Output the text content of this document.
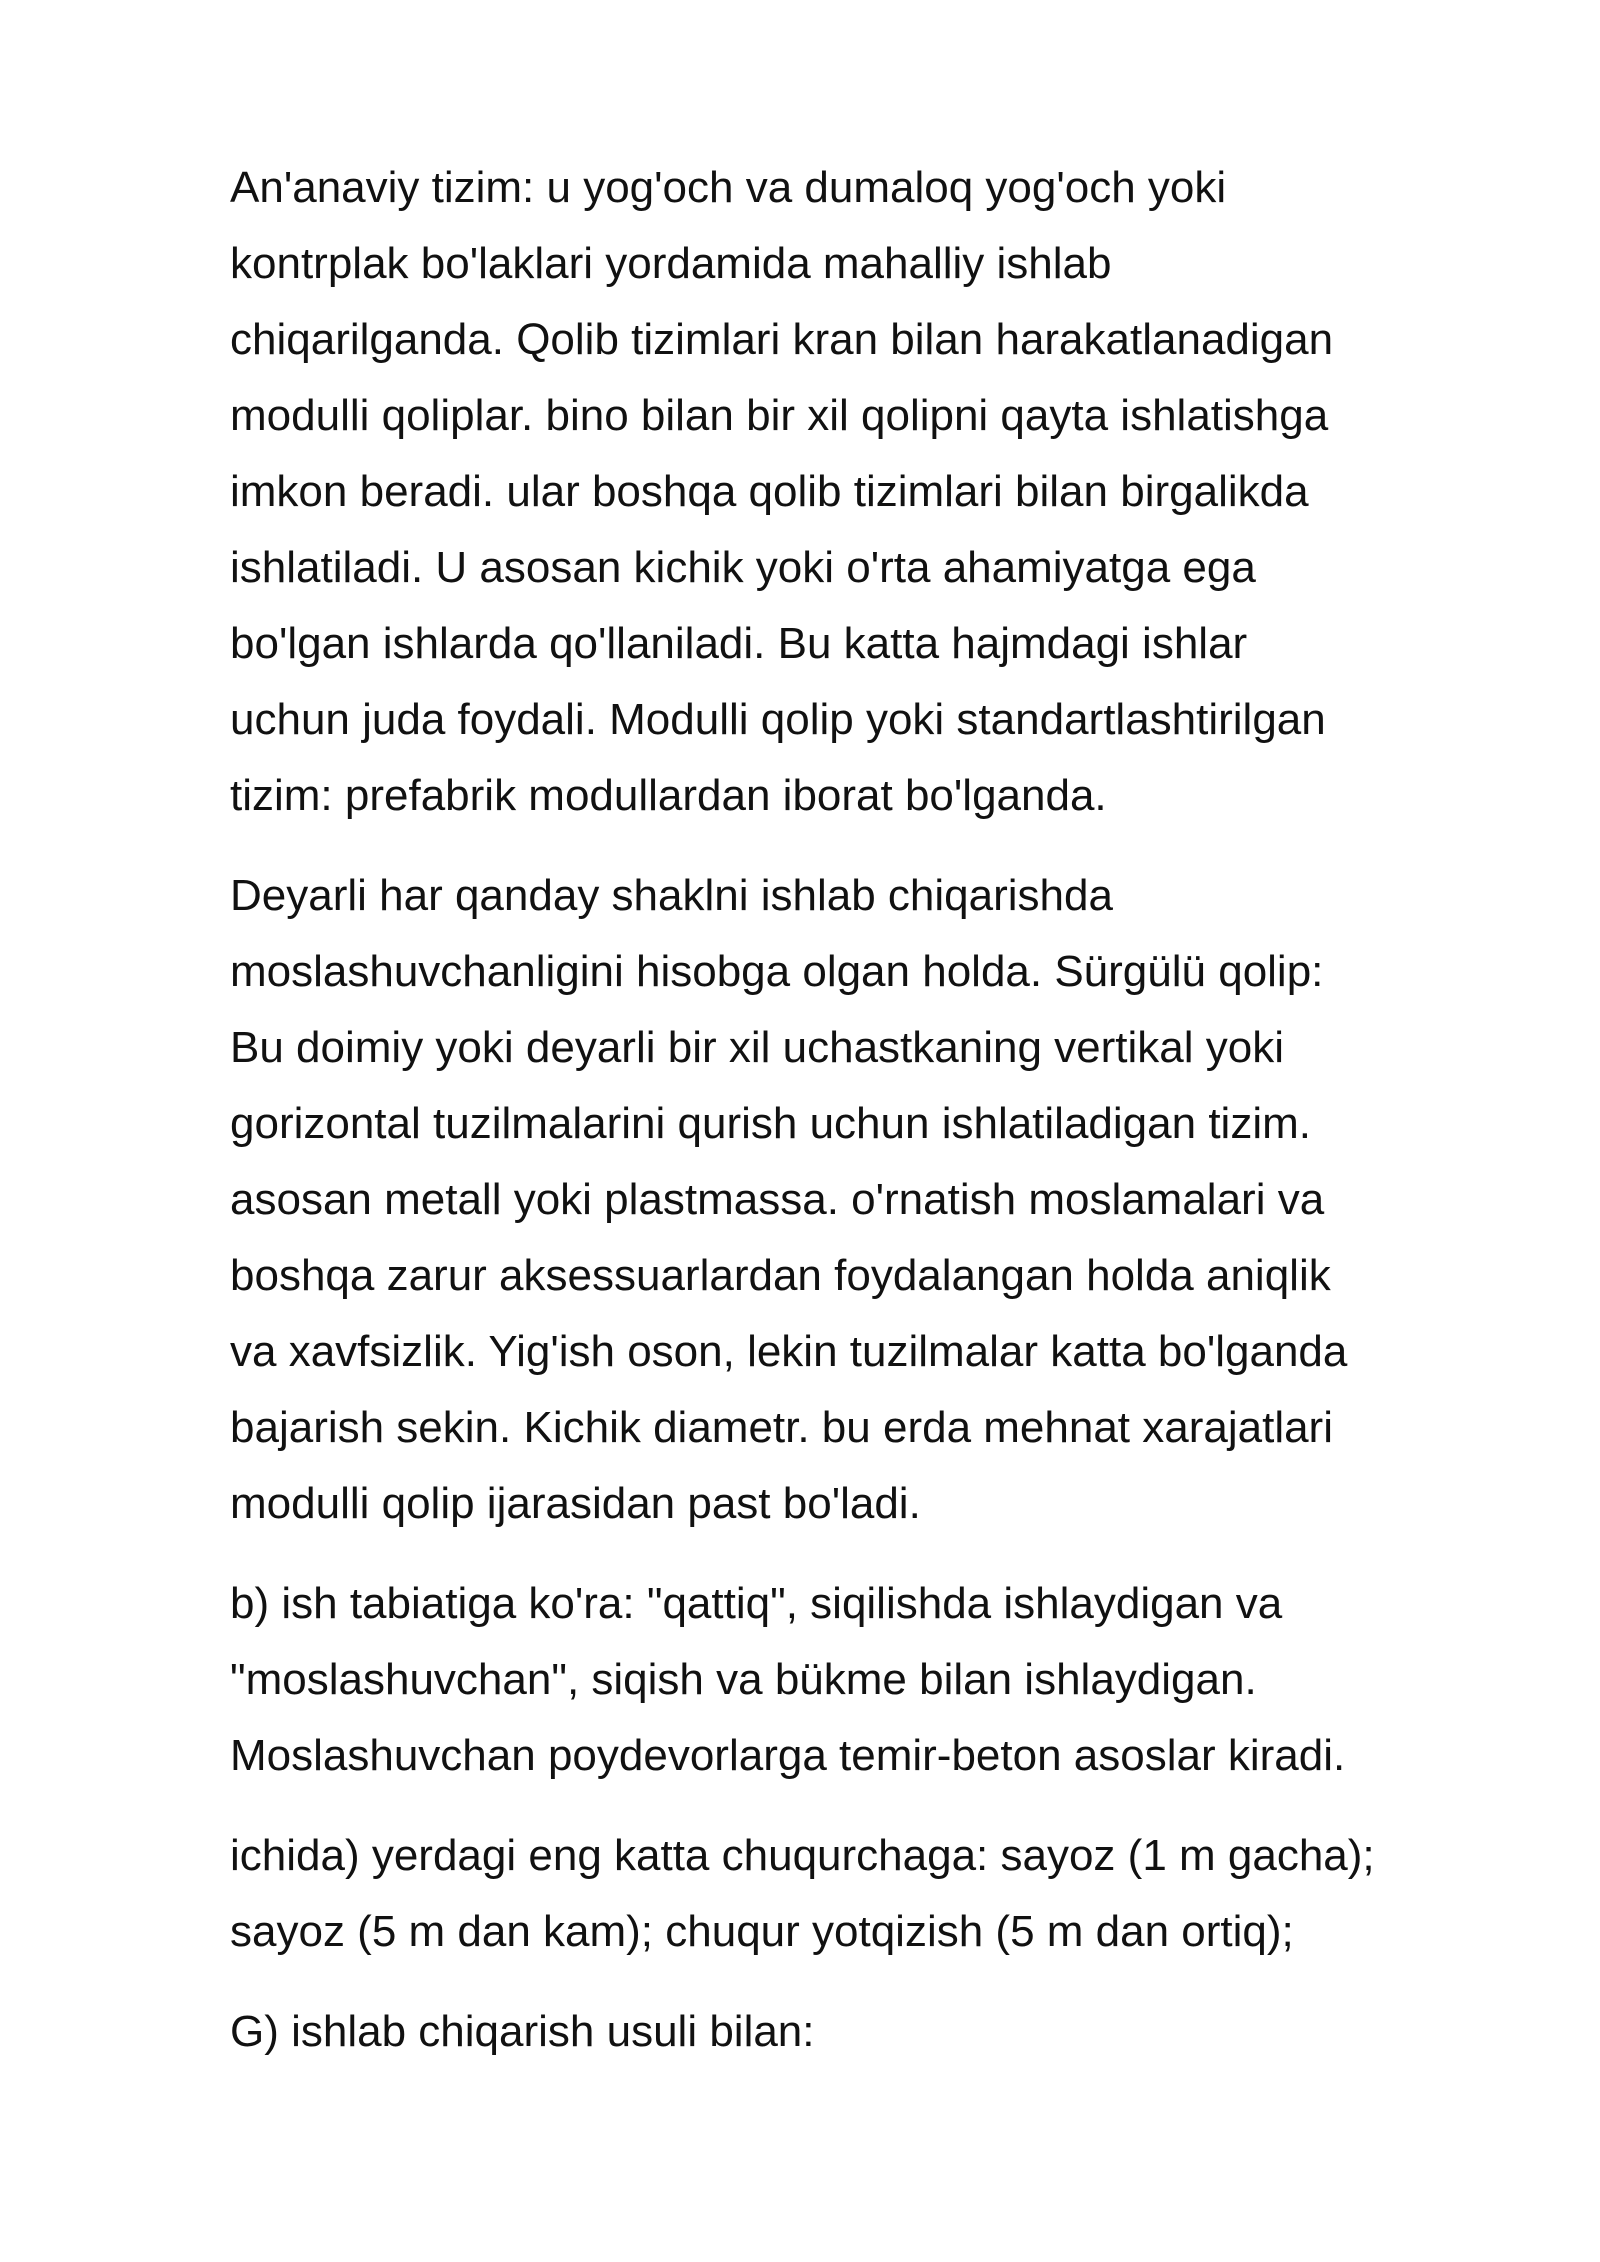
An'anaviy tizim: u yog'och va dumaloq yog'och yoki
kontrplak bo'laklari yordamida mahalliy ishlab
chiqarilganda. Qolib tizimlari kran bilan harakatlanadigan
modulli qoliplar. bino bilan bir xil qolipni qayta ishlatishga
imkon beradi. ular boshqa qolib tizimlari bilan birgalikda
ishlatiladi. U asosan kichik yoki o'rta ahamiyatga ega
bo'lgan ishlarda qo'llaniladi. Bu katta hajmdagi ishlar
uchun juda foydali. Modulli qolip yoki standartlashtirilgan
tizim: prefabrik modullardan iborat bo'lganda.

Deyarli har qanday shaklni ishlab chiqarishda
moslashuvchanligini hisobga olgan holda. Sürgülü qolip:
Bu doimiy yoki deyarli bir xil uchastkaning vertikal yoki
gorizontal tuzilmalarini qurish uchun ishlatiladigan tizim.
asosan metall yoki plastmassa. o'rnatish moslamalari va
boshqa zarur aksessuarlardan foydalangan holda aniqlik
va xavfsizlik. Yig'ish oson, lekin tuzilmalar katta bo'lganda
bajarish sekin. Kichik diametr. bu erda mehnat xarajatlari
modulli qolip ijarasidan past bo'ladi.

b) ish tabiatiga ko'ra: "qattiq", siqilishda ishlaydigan va
"moslashuvchan", siqish va bükme bilan ishlaydigan.
Moslashuvchan poydevorlarga temir-beton asoslar kiradi.

ichida) yerdagi eng katta chuqurchaga: sayoz (1 m gacha);
sayoz (5 m dan kam); chuqur yotqizish (5 m dan ortiq);

G) ishlab chiqarish usuli bilan:
